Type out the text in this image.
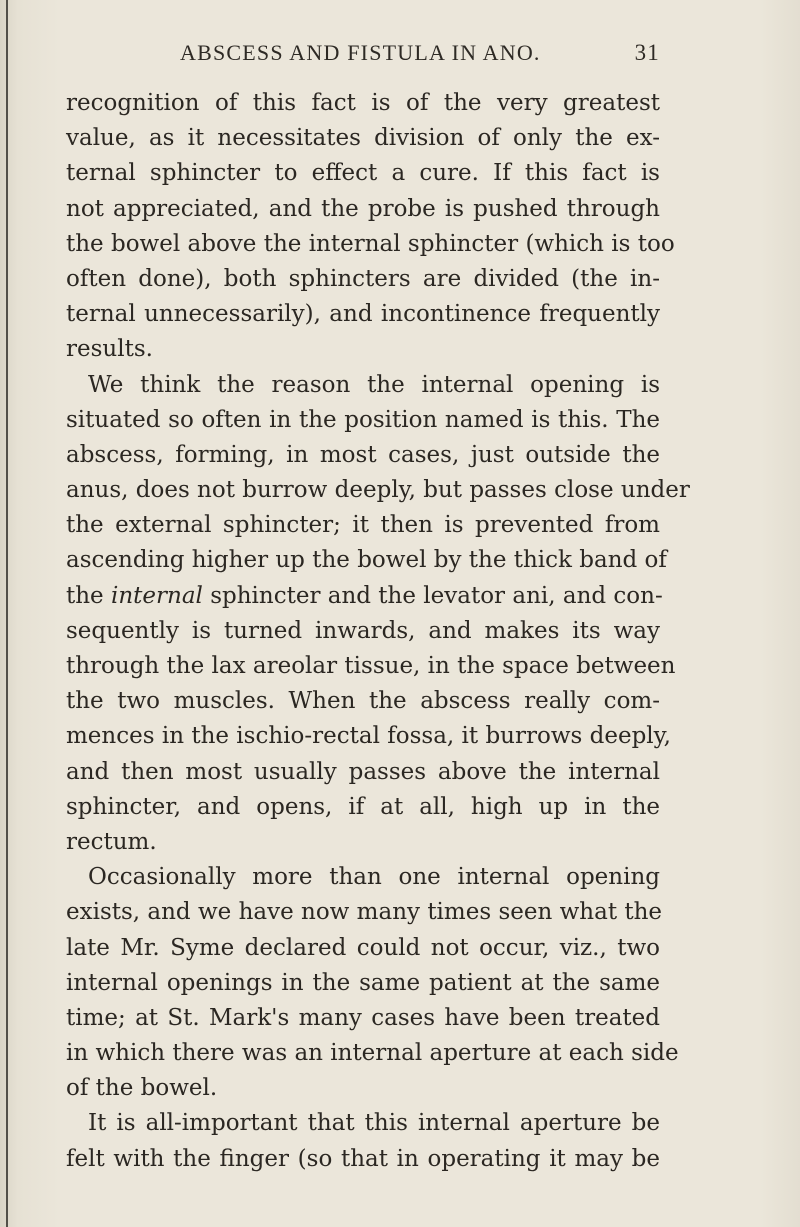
ABSCESS AND FISTULA IN ANO.	31
recognition of this fact is of the very greatest
value, as it necessitates division of only the ex-
ternal sphincter to effect a cure. If this fact is
not appreciated, and the probe is pushed through
the bowel above the internal sphincter (which is too
often done), both sphincters are divided (the in-
ternal unnecessarily), and incontinence frequently
results.
We think the reason the internal opening is
situated so often in the position named is this. The
abscess, forming, in most cases, just outside the
anus, does not burrow deeply, but passes close under
the external sphincter; it then is prevented from
ascending higher up the bowel by the thick band of
the internal sphincter and the levator ani, and con-
sequently is turned inwards, and makes its way
through the lax areolar tissue, in the space between
the two muscles. When the abscess really com-
mences in the ischio-rectal fossa, it burrows deeply,
and then most usually passes above the internal
sphincter, and opens, if at all, high up in the
rectum.
Occasionally more than one internal opening
exists, and we have now many times seen what the
late Mr. Syme declared could not occur, viz., two
internal openings in the same patient at the same
time; at St. Mark's many cases have been treated
in which there was an internal aperture at each side
of the bowel.
It is all-important that this internal aperture be
felt with the finger (so that in operating it may be
